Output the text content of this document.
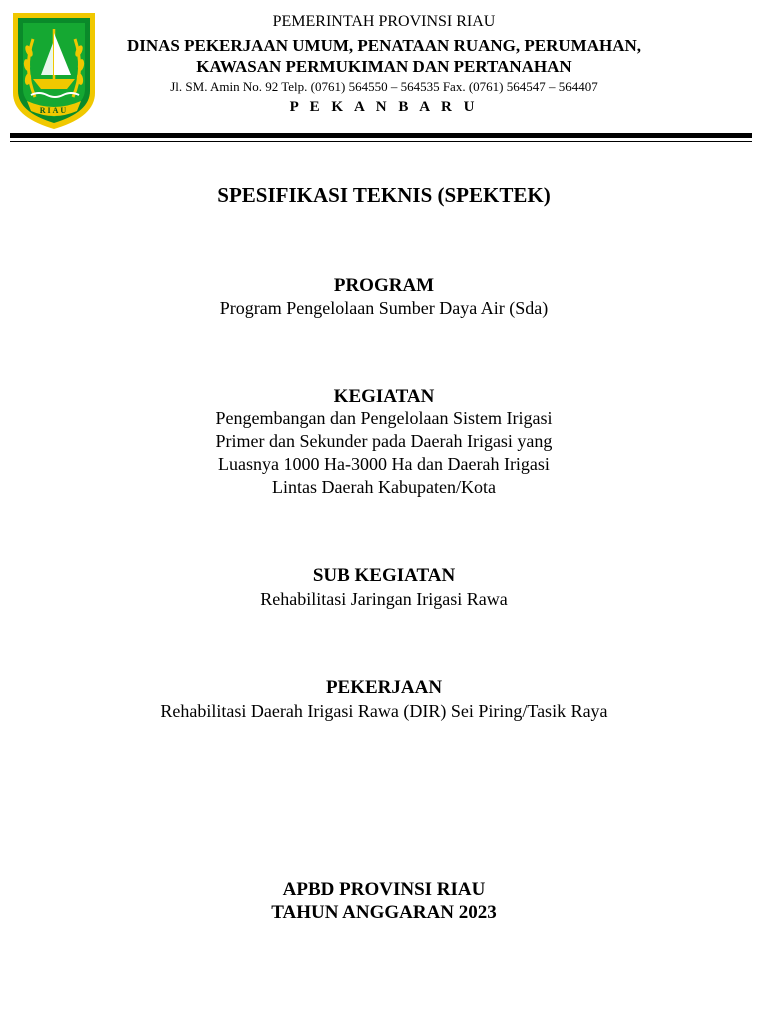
RIAU
PEMERINTAH PROVINSI RIAU
DINAS PEKERJAAN UMUM, PENATAAN RUANG, PERUMAHAN,
KAWASAN PERMUKIMAN DAN PERTANAHAN
Jl. SM. Amin No. 92 Telp. (0761) 564550 – 564535 Fax. (0761) 564547 – 564407
P E K A N B A R U
SPESIFIKASI TEKNIS (SPEKTEK)
PROGRAM
Program Pengelolaan Sumber Daya Air (Sda)
KEGIATAN
Pengembangan dan Pengelolaan Sistem Irigasi
Primer dan Sekunder pada Daerah Irigasi yang
Luasnya 1000 Ha-3000 Ha dan Daerah Irigasi
Lintas Daerah Kabupaten/Kota
SUB KEGIATAN
Rehabilitasi Jaringan Irigasi Rawa
PEKERJAAN
Rehabilitasi Daerah Irigasi Rawa (DIR) Sei Piring/Tasik Raya
APBD PROVINSI RIAU
TAHUN ANGGARAN 2023
